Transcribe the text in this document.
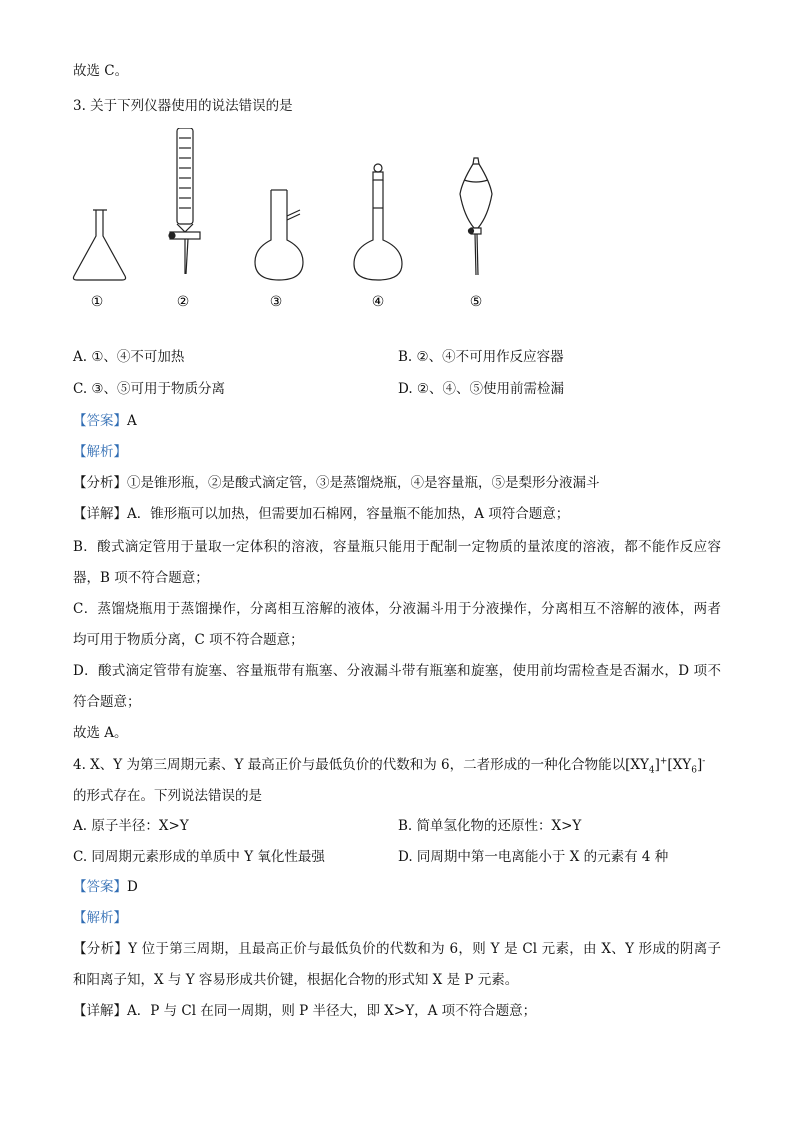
故选 C。
3. 关于下列仪器使用的说法错误的是
①	②	③	④	⑤
A. ①、④不可加热	B. ②、④不可用作反应容器
C. ③、⑤可用于物质分离	D. ②、④、⑤使用前需检漏
【答案】A
【解析】
【分析】①是锥形瓶，②是酸式滴定管，③是蒸馏烧瓶，④是容量瓶，⑤是梨形分液漏斗
【详解】A．锥形瓶可以加热，但需要加石棉网，容量瓶不能加热，A 项符合题意；
B．酸式滴定管用于量取一定体积的溶液，容量瓶只能用于配制一定物质的量浓度的溶液，都不能作反应容
器，B 项不符合题意；
C．蒸馏烧瓶用于蒸馏操作，分离相互溶解的液体，分液漏斗用于分液操作，分离相互不溶解的液体，两者
均可用于物质分离，C 项不符合题意；
D．酸式滴定管带有旋塞、容量瓶带有瓶塞、分液漏斗带有瓶塞和旋塞，使用前均需检查是否漏水，D 项不
符合题意；
故选 A。
4. X、Y 为第三周期元素、Y 最高正价与最低负价的代数和为 6，二者形成的一种化合物能以$[XY_4]^+[XY_6]^-$
的形式存在。下列说法错误的是
A. 原子半径：X>Y	B. 简单氢化物的还原性：X>Y
C. 同周期元素形成的单质中 Y 氧化性最强	D. 同周期中第一电离能小于 X 的元素有 4 种
【答案】D
【解析】
【分析】Y 位于第三周期，且最高正价与最低负价的代数和为 6，则 Y 是 Cl 元素，由 X、Y 形成的阴离子
和阳离子知，X 与 Y 容易形成共价键，根据化合物的形式知 X 是 P 元素。
【详解】A．P 与 Cl 在同一周期，则 P 半径大，即 X>Y，A 项不符合题意；
